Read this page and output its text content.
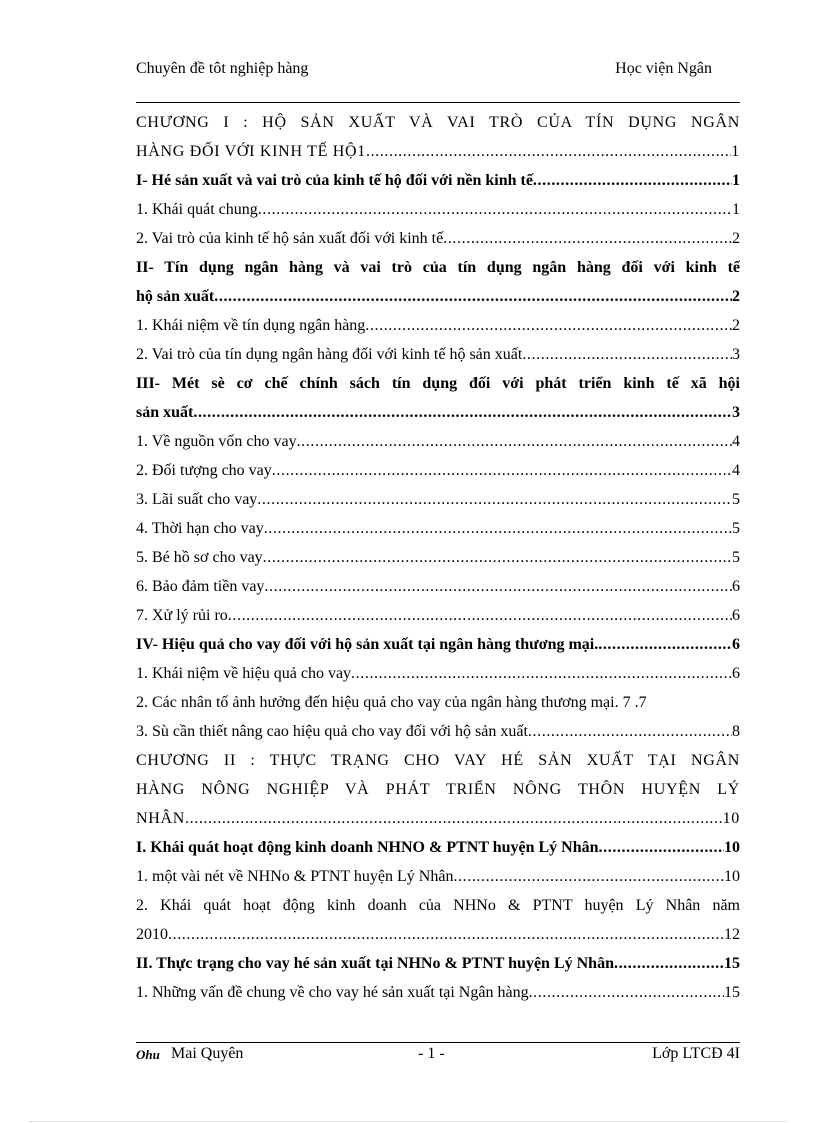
Chuyên đề tôt nghiệp hàng	Học viện Ngân
CHƯƠNG I : HỘ SẢN XUẤT VÀ VAI TRÒ CỦA TÍN DỤNG NGÂN
HÀNG ĐỐI VỚI KINH TẾ HỘ1 .....	1
I- Hé sản xuất và vai trò của kinh tế hộ đối với nền kinh tế .....	1
1. Khái quát chung .....	1
2. Vai trò của kinh tế hộ sản xuất đối với kinh tế .....	2
II- Tín dụng ngân hàng và vai trò của tín dụng ngân hàng đối với kinh tế
hộ sản xuất .....	2
1. Khái niệm về tín dụng ngân hàng .....	2
2. Vai trò của tín dụng ngân hàng đối với kinh tế hộ sản xuất .....	3
III- Mét sè cơ chế chính sách tín dụng đối với phát triển kinh tế xã hội
sản xuất .....	3
1. Về nguồn vốn cho vay .....	4
2. Đối tượng cho vay .....	4
3. Lãi suất cho vay .....	5
4. Thời hạn cho vay .....	5
5. Bé hồ sơ cho vay .....	5
6. Bảo đảm tiền vay .....	6
7. Xử lý rủi ro .....	6
IV- Hiệu quả cho vay đối với hộ sản xuất tại ngân hàng thương mại. .....	6
1. Khái niệm về hiệu quả cho vay .....	6
2. Các nhân tố ảnh hưởng đến hiệu quả cho vay của ngân hàng thương mại. 7 .7
3. Sù cần thiết nâng cao hiệu quả cho vay đối với hộ sản xuất .....	8
CHƯƠNG II : THỰC TRẠNG CHO VAY HÉ SẢN XUẤT TẠI NGÂN
HÀNG NÔNG NGHIỆP VÀ PHÁT TRIỂN NÔNG THÔN HUYỆN LÝ
NHÂN .....	10
I. Khái quát hoạt động kinh doanh NHNO & PTNT huyện Lý Nhân .....	10
1. một vài nét về NHNo & PTNT huyện Lý Nhân .....	10
2. Khái quát hoạt động kinh doanh của NHNo & PTNT huyện Lý Nhân năm
2010 .....	12
II. Thực trạng cho vay hé sản xuất tại NHNo & PTNT huyện Lý Nhân .....	15
1. Những vấn đề chung về cho vay hé sản xuất tại Ngân hàng .....	15
Ohu Mai Quyên	- 1 -	Lớp LTCĐ 4I
